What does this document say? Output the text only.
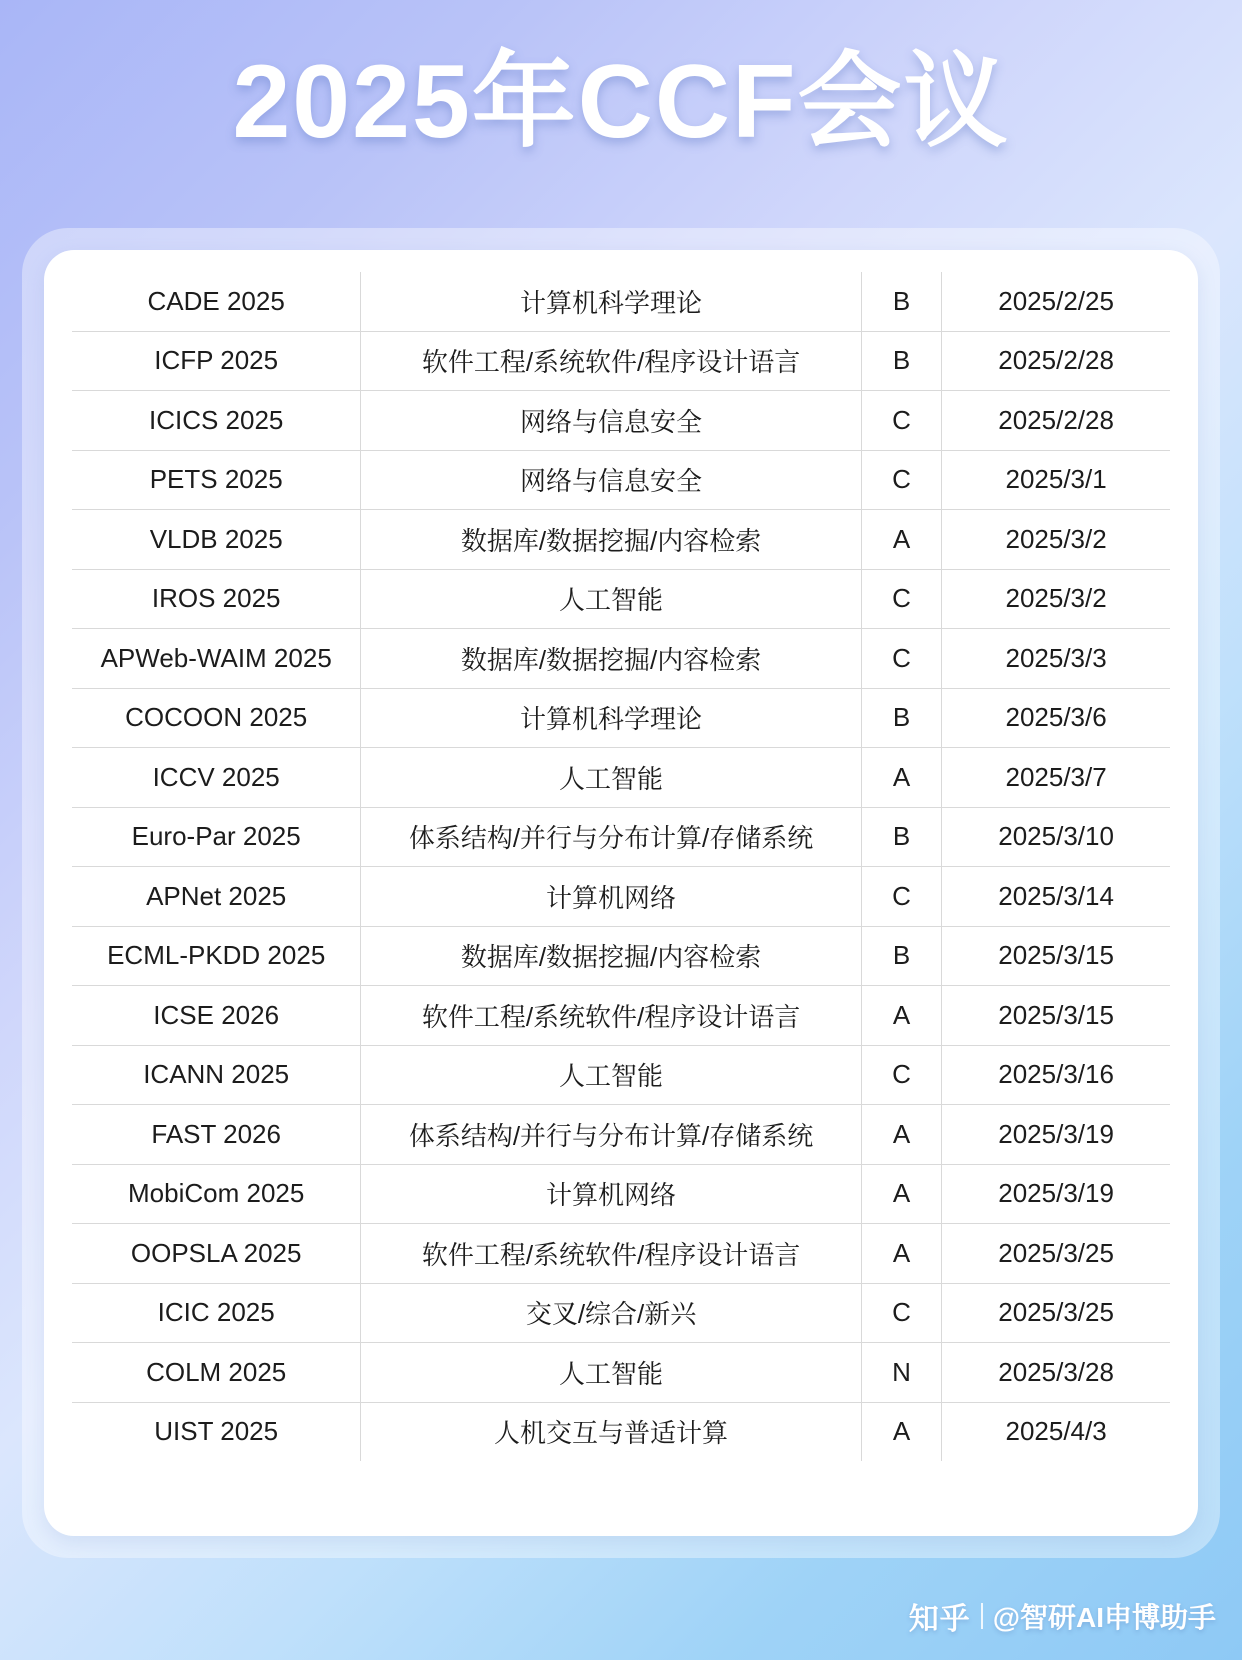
2025年CCF会议
CADE 2025	计算机科学理论	B	2025/2/25
ICFP 2025	软件工程/系统软件/程序设计语言	B	2025/2/28
ICICS 2025	网络与信息安全	C	2025/2/28
PETS 2025	网络与信息安全	C	2025/3/1
VLDB 2025	数据库/数据挖掘/内容检索	A	2025/3/2
IROS 2025	人工智能	C	2025/3/2
APWeb-WAIM 2025	数据库/数据挖掘/内容检索	C	2025/3/3
COCOON 2025	计算机科学理论	B	2025/3/6
ICCV 2025	人工智能	A	2025/3/7
Euro-Par 2025	体系结构/并行与分布计算/存储系统	B	2025/3/10
APNet 2025	计算机网络	C	2025/3/14
ECML-PKDD 2025	数据库/数据挖掘/内容检索	B	2025/3/15
ICSE 2026	软件工程/系统软件/程序设计语言	A	2025/3/15
ICANN 2025	人工智能	C	2025/3/16
FAST 2026	体系结构/并行与分布计算/存储系统	A	2025/3/19
MobiCom 2025	计算机网络	A	2025/3/19
OOPSLA 2025	软件工程/系统软件/程序设计语言	A	2025/3/25
ICIC 2025	交叉/综合/新兴	C	2025/3/25
COLM 2025	人工智能	N	2025/3/28
UIST 2025	人机交互与普适计算	A	2025/4/3
知乎 @智研AI申博助手
